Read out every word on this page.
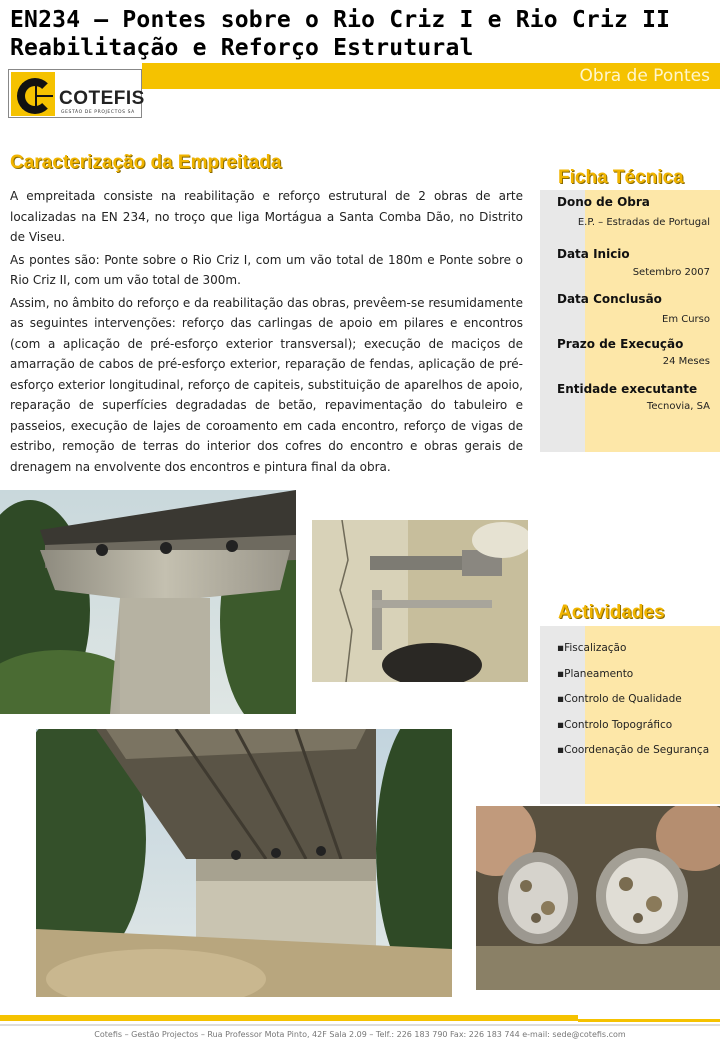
EN234 – Pontes sobre o Rio Criz I e Rio Criz II
Reabilitação e Reforço Estrutural
Obra de Pontes
COTEFIS
GESTÃO DE PROJECTOS SA
Caracterização da Empreitada

A empreitada consiste na reabilitação e reforço estrutural de 2 obras de arte localizadas na EN 234, no troço que liga Mortágua a Santa Comba Dão, no Distrito de Viseu.

As pontes são: Ponte sobre o Rio Criz I, com um vão total de 180m e Ponte sobre o Rio Criz II, com um vão total de 300m.

Assim, no âmbito do reforço e da reabilitação das obras, prevêem-se resumidamente as seguintes intervenções: reforço das carlingas de apoio em pilares e encontros (com a aplicação de pré-esforço exterior transversal); execução de maciços de amarração de cabos de pré-esforço exterior, reparação de fendas, aplicação de pré-esforço exterior longitudinal, reforço de capiteis, substituição de aparelhos de apoio, reparação de superfícies degradadas de betão, repavimentação do tabuleiro e passeios, execução de lajes de coroamento em cada encontro, reforço de vigas de estribo, remoção de terras do interior dos cofres do encontro e obras gerais de drenagem na envolvente dos encontros e pintura final da obra.

Ficha Técnica
Dono de Obra
E.P. – Estradas de Portugal
Data Inicio
Setembro 2007
Data Conclusão
Em Curso
Prazo de Execução
24 Meses
Entidade executante
Tecnovia, SA
Actividades
▪Fiscalização
▪Planeamento
▪Controlo de Qualidade
▪Controlo Topográfico
▪Coordenação de Segurança
Cotefis – Gestão Projectos – Rua Professor Mota Pinto, 42F Sala 2.09 – Telf.: 226 183 790 Fax: 226 183 744 e-mail: sede@cotefis.com
